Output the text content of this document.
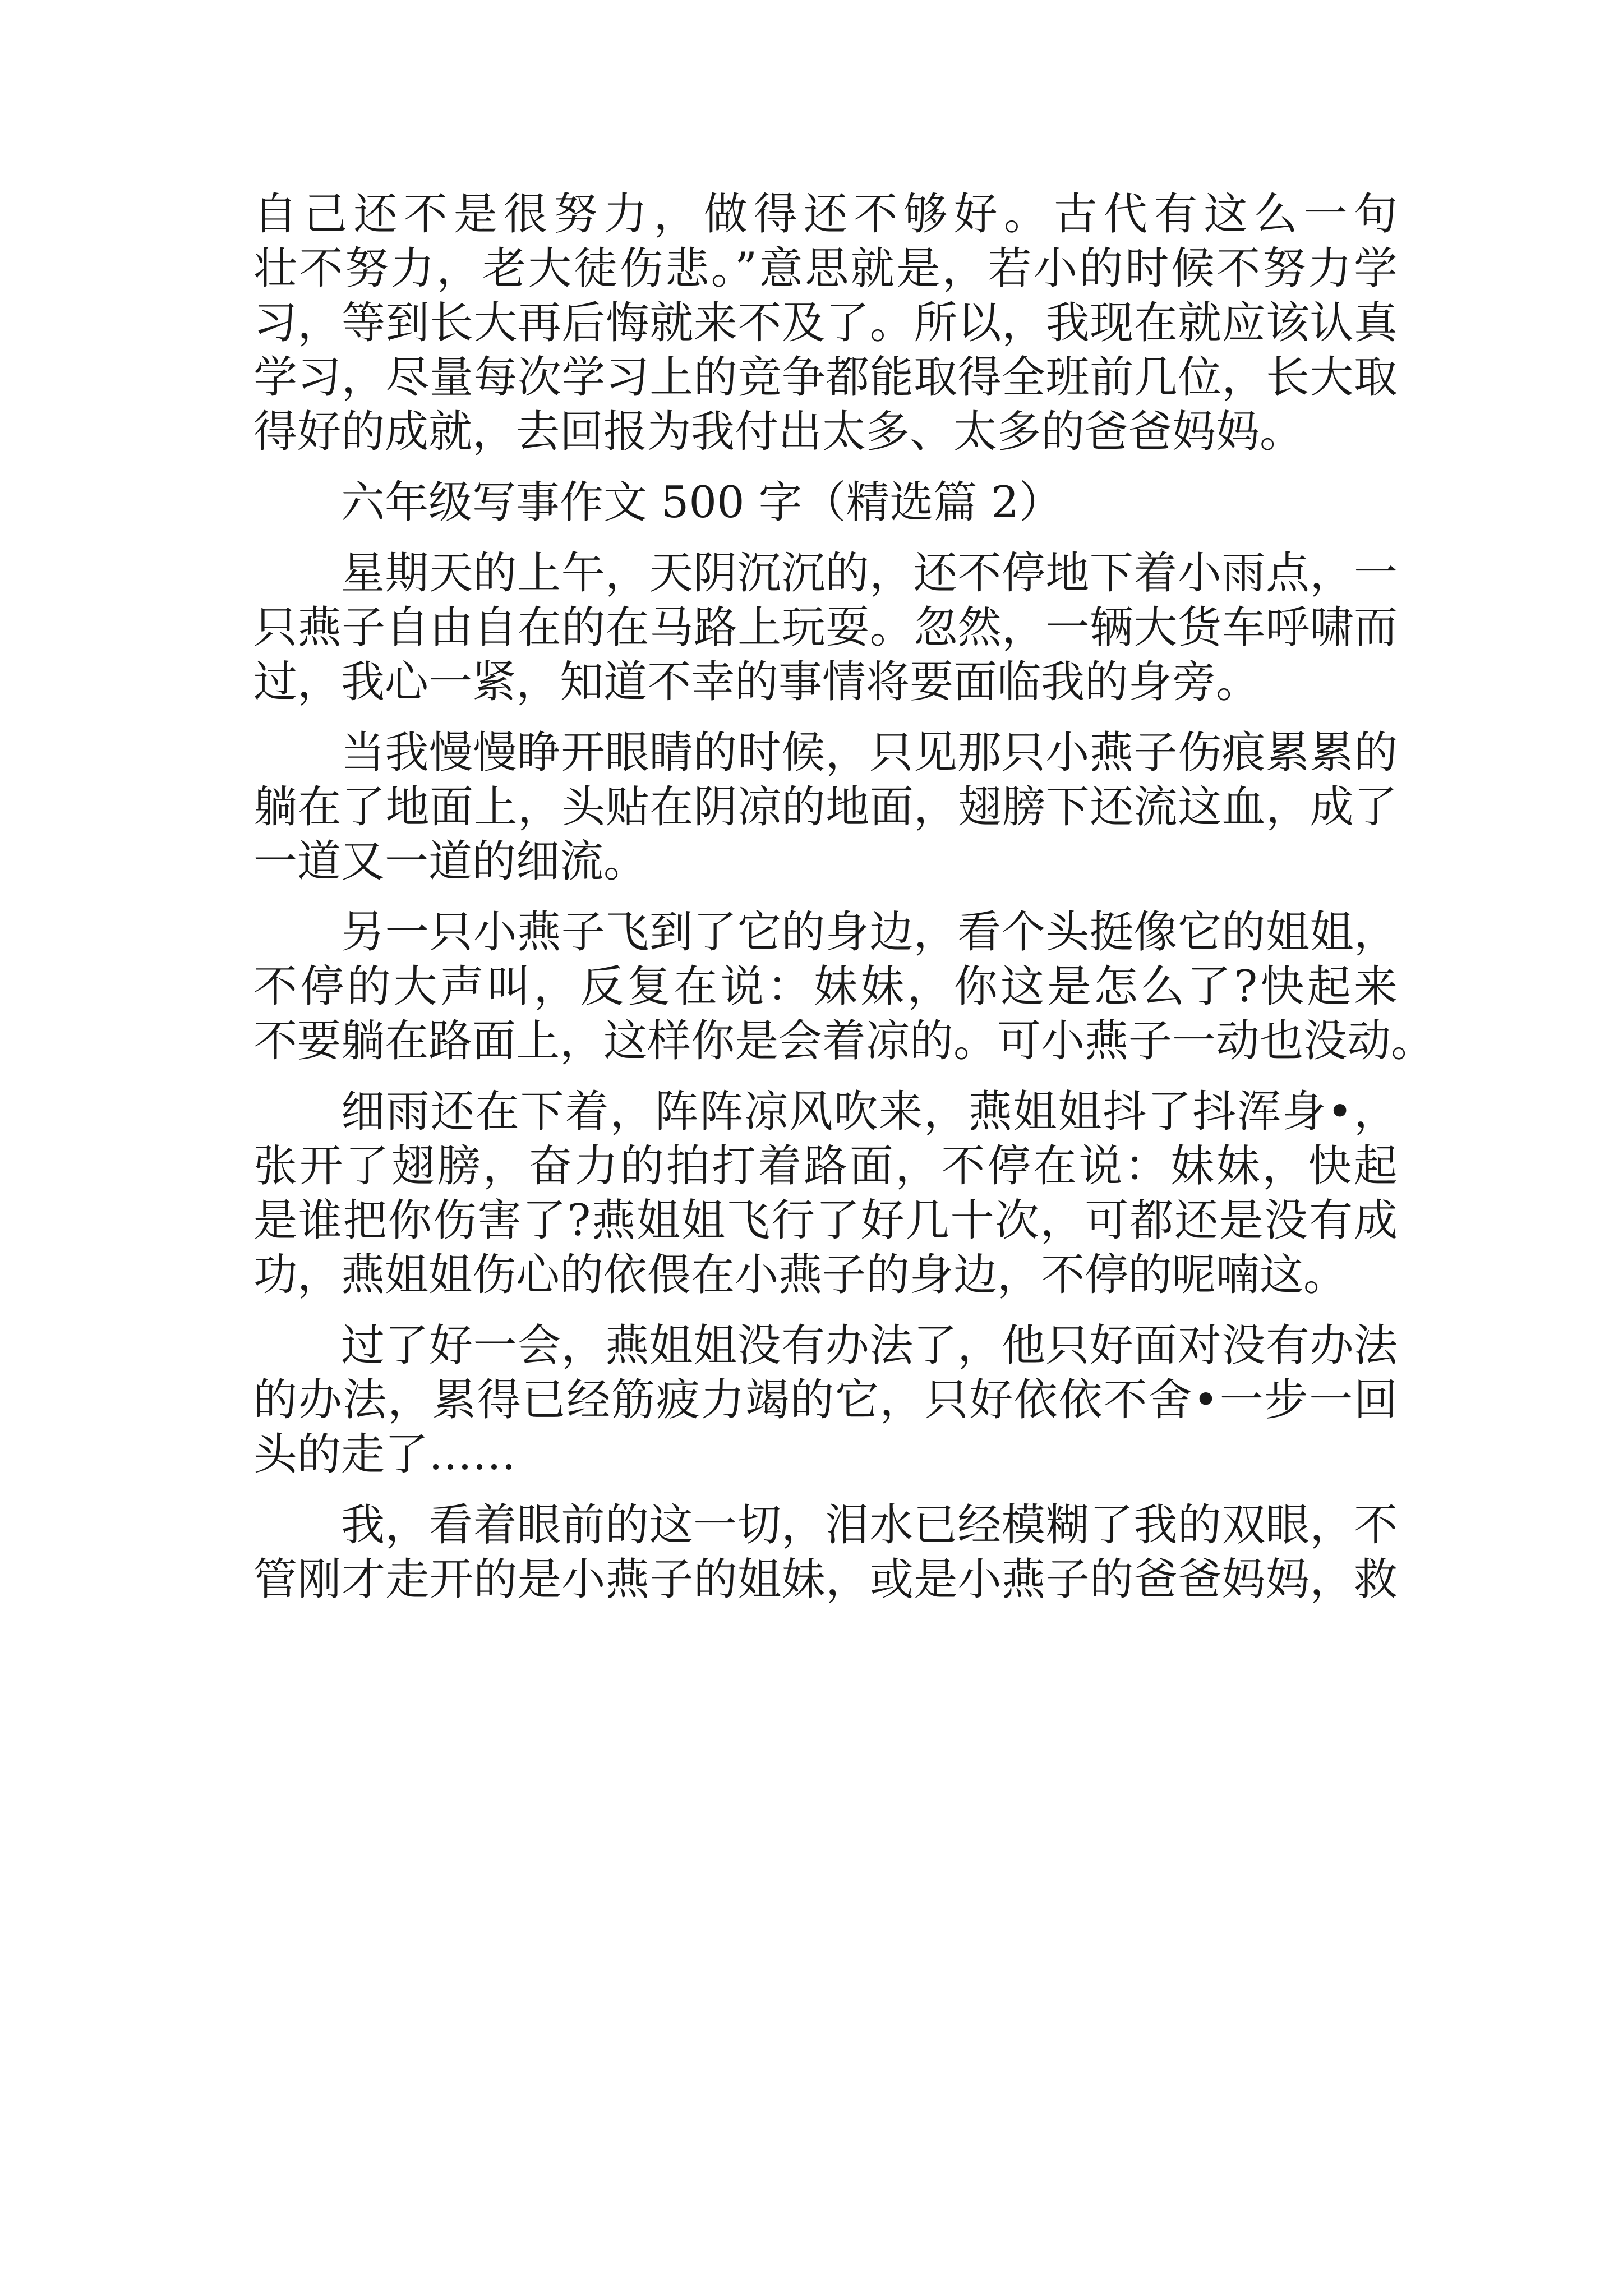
自己还不是很努力，做得还不够好。古代有这么一句
壮不努力，老大徒伤悲。”意思就是，若小的时候不努力学
习，等到长大再后悔就来不及了。所以，我现在就应该认真
学习，尽量每次学习上的竞争都能取得全班前几位，长大取
得好的成就，去回报为我付出太多、太多的爸爸妈妈。
六年级写事作文 500 字（精选篇 2）
星期天的上午，天阴沉沉的，还不停地下着小雨点，一
只燕子自由自在的在马路上玩耍。忽然，一辆大货车呼啸而
过，我心一紧，知道不幸的事情将要面临我的身旁。
当我慢慢睁开眼睛的时候，只见那只小燕子伤痕累累的
躺在了地面上，头贴在阴凉的地面，翅膀下还流这血，成了
一道又一道的细流。
另一只小燕子飞到了它的身边，看个头挺像它的姐姐，
不停的大声叫，反复在说：妹妹，你这是怎么了?快起来
不要躺在路面上，这样你是会着凉的。可小燕子一动也没动。
细雨还在下着，阵阵凉风吹来，燕姐姐抖了抖浑身•，
张开了翅膀，奋力的拍打着路面，不停在说：妹妹，快起
是谁把你伤害了?燕姐姐飞行了好几十次，可都还是没有成
功，燕姐姐伤心的依偎在小燕子的身边，不停的呢喃这。
过了好一会，燕姐姐没有办法了，他只好面对没有办法
的办法，累得已经筋疲力竭的它，只好依依不舍•一步一回
头的走了……
我，看着眼前的这一切，泪水已经模糊了我的双眼，不
管刚才走开的是小燕子的姐妹，或是小燕子的爸爸妈妈，救
